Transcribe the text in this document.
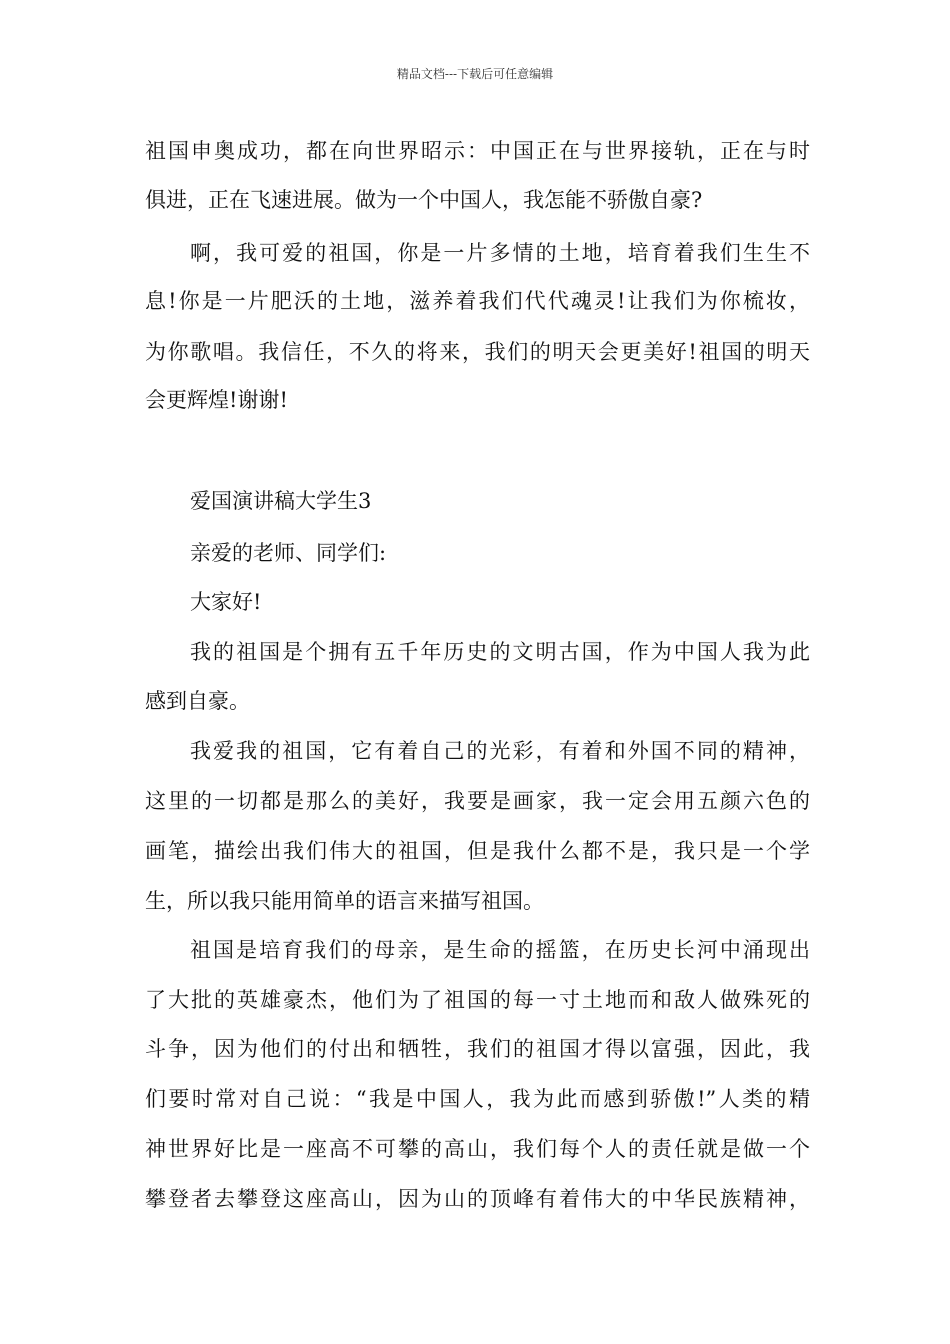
精品文档---下载后可任意编辑
祖国申奥成功，都在向世界昭示：中国正在与世界接轨，正在与时
俱进，正在飞速进展。做为一个中国人，我怎能不骄傲自豪?
啊，我可爱的祖国，你是一片多情的土地，培育着我们生生不
息!你是一片肥沃的土地，滋养着我们代代魂灵!让我们为你梳妆，
为你歌唱。我信任，不久的将来，我们的明天会更美好!祖国的明天
会更辉煌!谢谢!
爱国演讲稿大学生3
亲爱的老师、同学们:
大家好!
我的祖国是个拥有五千年历史的文明古国，作为中国人我为此
感到自豪。
我爱我的祖国，它有着自己的光彩，有着和外国不同的精神，
这里的一切都是那么的美好，我要是画家，我一定会用五颜六色的
画笔，描绘出我们伟大的祖国，但是我什么都不是，我只是一个学
生，所以我只能用简单的语言来描写祖国。
祖国是培育我们的母亲，是生命的摇篮，在历史长河中涌现出
了大批的英雄豪杰，他们为了祖国的每一寸土地而和敌人做殊死的
斗争，因为他们的付出和牺牲，我们的祖国才得以富强，因此，我
们要时常对自己说：“我是中国人，我为此而感到骄傲!”人类的精
神世界好比是一座高不可攀的高山，我们每个人的责任就是做一个
攀登者去攀登这座高山，因为山的顶峰有着伟大的中华民族精神，
